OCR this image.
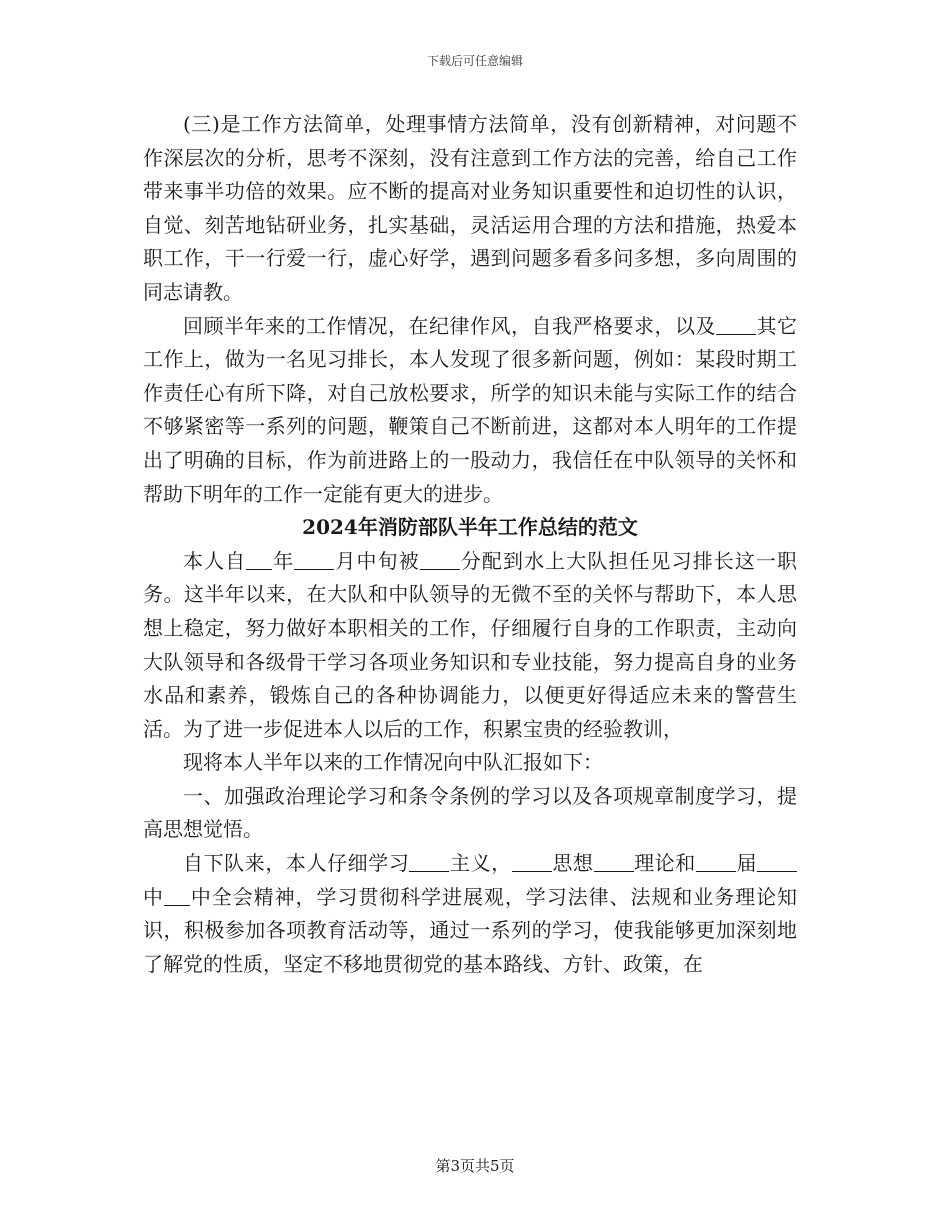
下载后可任意编辑

(三)是工作方法简单，处理事情方法简单，没有创新精神，对问题不作深层次的分析，思考不深刻，没有注意到工作方法的完善，给自己工作带来事半功倍的效果。应不断的提高对业务知识重要性和迫切性的认识，自觉、刻苦地钻研业务，扎实基础，灵活运用合理的方法和措施，热爱本职工作，干一行爱一行，虚心好学，遇到问题多看多问多想，多向周围的同志请教。

回顾半年来的工作情况，在纪律作风，自我严格要求，以及 其它工作上，做为一名见习排长，本人发现了很多新问题，例如：某段时期工作责任心有所下降，对自己放松要求，所学的知识未能与实际工作的结合不够紧密等一系列的问题，鞭策自己不断前进，这都对本人明年的工作提出了明确的目标，作为前进路上的一股动力，我信任在中队领导的关怀和帮助下明年的工作一定能有更大的进步。

2024年消防部队半年工作总结的范文

本人自 年 月中旬被 分配到水上大队担任见习排长这一职务。这半年以来，在大队和中队领导的无微不至的关怀与帮助下，本人思想上稳定，努力做好本职相关的工作，仔细履行自身的工作职责，主动向大队领导和各级骨干学习各项业务知识和专业技能，努力提高自身的业务水品和素养，锻炼自己的各种协调能力，以便更好得适应未来的警营生活。为了进一步促进本人以后的工作，积累宝贵的经验教训，

现将本人半年以来的工作情况向中队汇报如下：

一、加强政治理论学习和条令条例的学习以及各项规章制度学习，提高思想觉悟。

自下队来，本人仔细学习 主义， 思想 理论和 届中 中全会精神，学习贯彻科学进展观，学习法律、法规和业务理论知识，积极参加各项教育活动等，通过一系列的学习，使我能够更加深刻地了解党的性质，坚定不移地贯彻党的基本路线、方针、政策，在

第3页共5页
